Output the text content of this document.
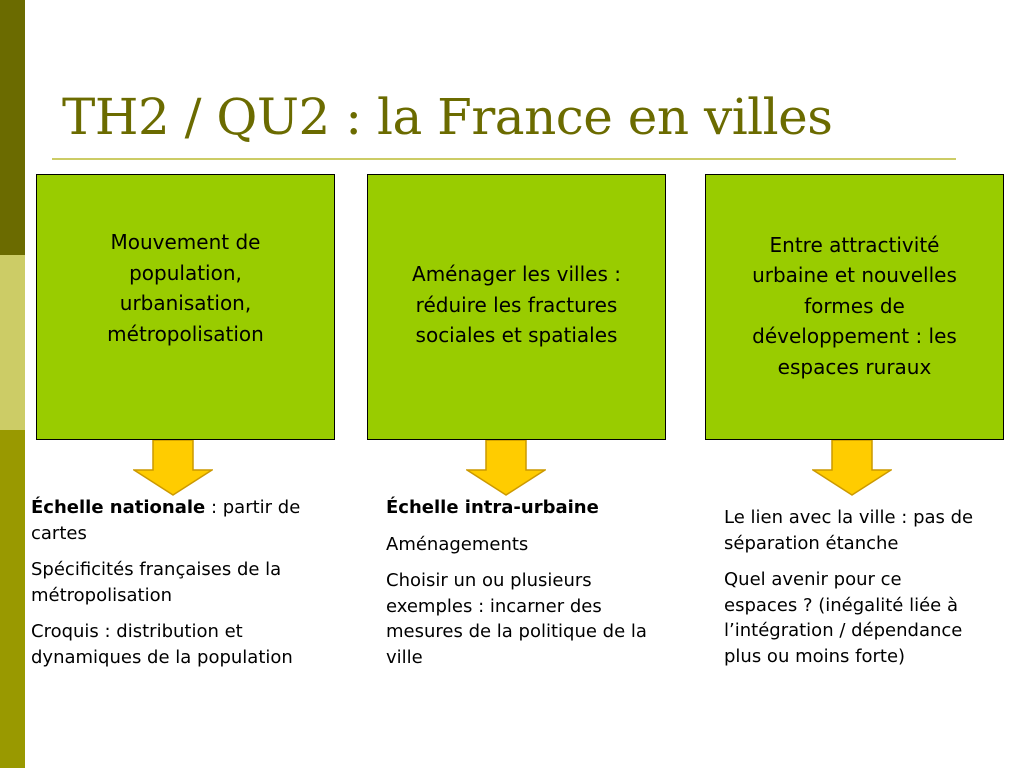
TH2 / QU2 : la France en villes

Mouvement de population, urbanisation, métropolisation

Aménager les villes : réduire les fractures sociales et spatiales

Entre attractivité urbaine et nouvelles formes de développement : les espaces ruraux

Échelle nationale : partir de cartes

Spécificités françaises de la métropolisation

Croquis : distribution et dynamiques de la population

Échelle intra-urbaine

Aménagements

Choisir un ou plusieurs exemples : incarner des mesures de la politique de la ville

Le lien avec la ville : pas de séparation étanche

Quel avenir pour ce espaces ? (inégalité liée à l’intégration / dépendance plus ou moins forte)
